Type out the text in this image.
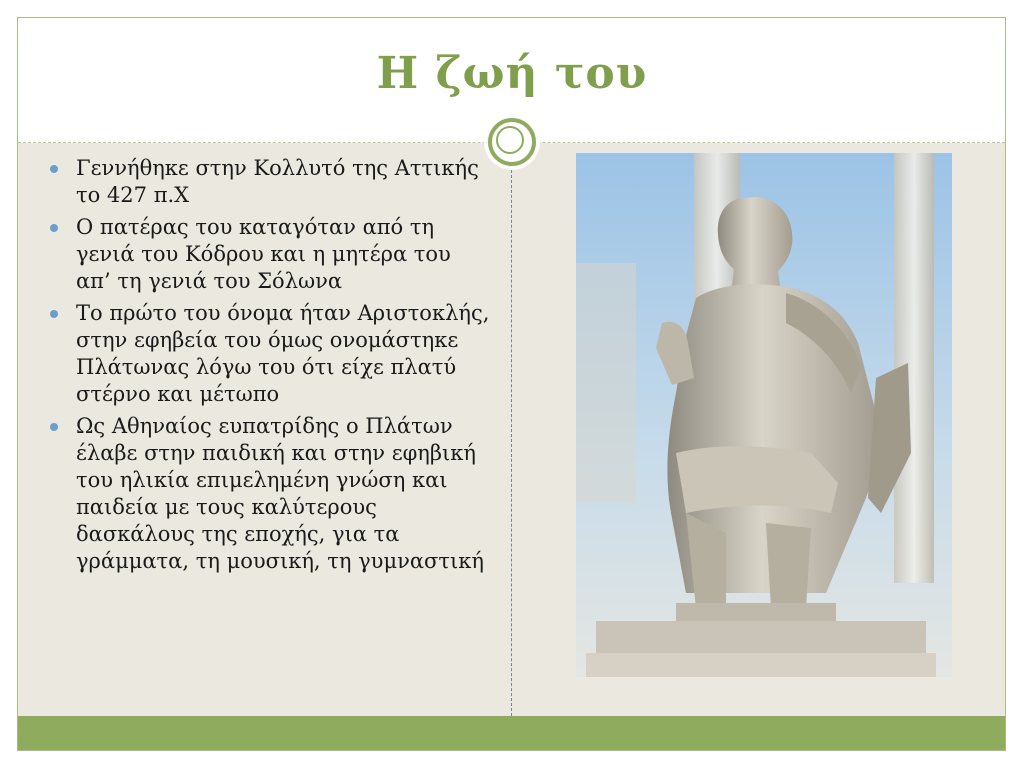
Η ζωή του
Γεννήθηκε στην Κολλυτό της Αττικής το 427 π.Χ
Ο πατέρας του καταγόταν από τη γενιά του Κόδρου και η μητέρα του απ’ τη γενιά του Σόλωνα
Το πρώτο του όνομα ήταν Αριστοκλής, στην εφηβεία του όμως ονομάστηκε Πλάτωνας λόγω του ότι είχε πλατύ στέρνο και μέτωπο
Ως Αθηναίος ευπατρίδης ο Πλάτων έλαβε στην παιδική και στην εφηβική του ηλικία επιμελημένη γνώση και παιδεία με τους καλύτερους δασκάλους της εποχής, για τα γράμματα, τη μουσική, τη γυμναστική
